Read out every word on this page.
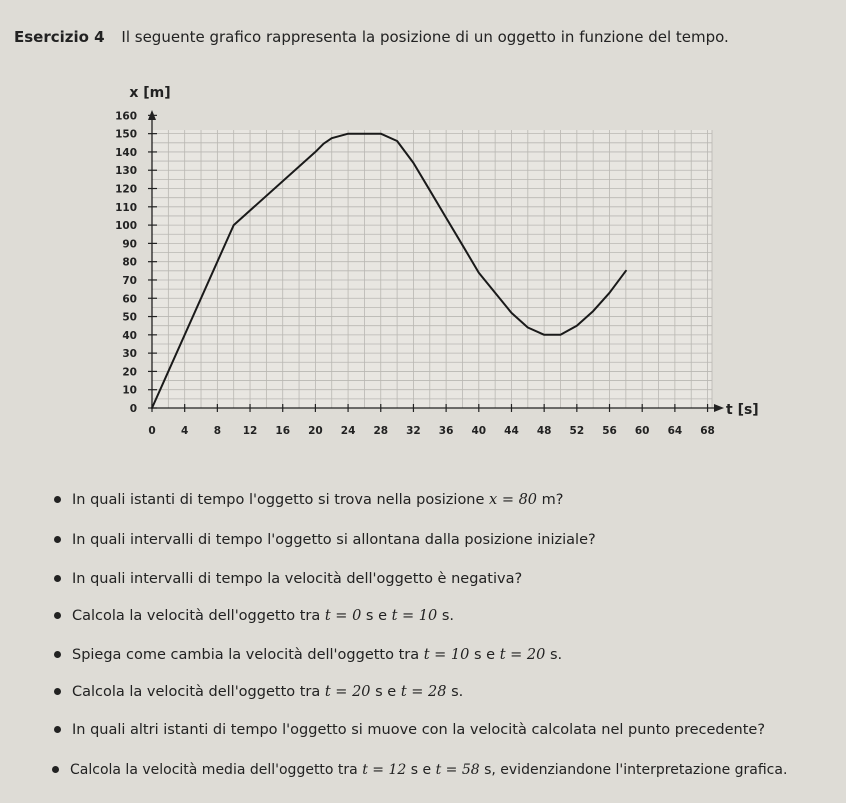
Esercizio 4 Il seguente grafico rappresenta la posizione di un oggetto in funzione del tempo.
0
10
20
30
40
50
60
70
80
90
100
110
120
130
140
150
160
0 4 8 12 16 20 24 28 32 36 40 44 48 52 56 60 64 68
x [m]
t [s]
In quali istanti di tempo l'oggetto si trova nella posizione x = 80 m?
In quali intervalli di tempo l'oggetto si allontana dalla posizione iniziale?
In quali intervalli di tempo la velocità dell'oggetto è negativa?
Calcola la velocità dell'oggetto tra t = 0 s e t = 10 s.
Spiega come cambia la velocità dell'oggetto tra t = 10 s e t = 20 s.
Calcola la velocità dell'oggetto tra t = 20 s e t = 28 s.
In quali altri istanti di tempo l'oggetto si muove con la velocità calcolata nel punto precedente?
Calcola la velocità media dell'oggetto tra t = 12 s e t = 58 s, evidenziandone l'interpretazione grafica.
